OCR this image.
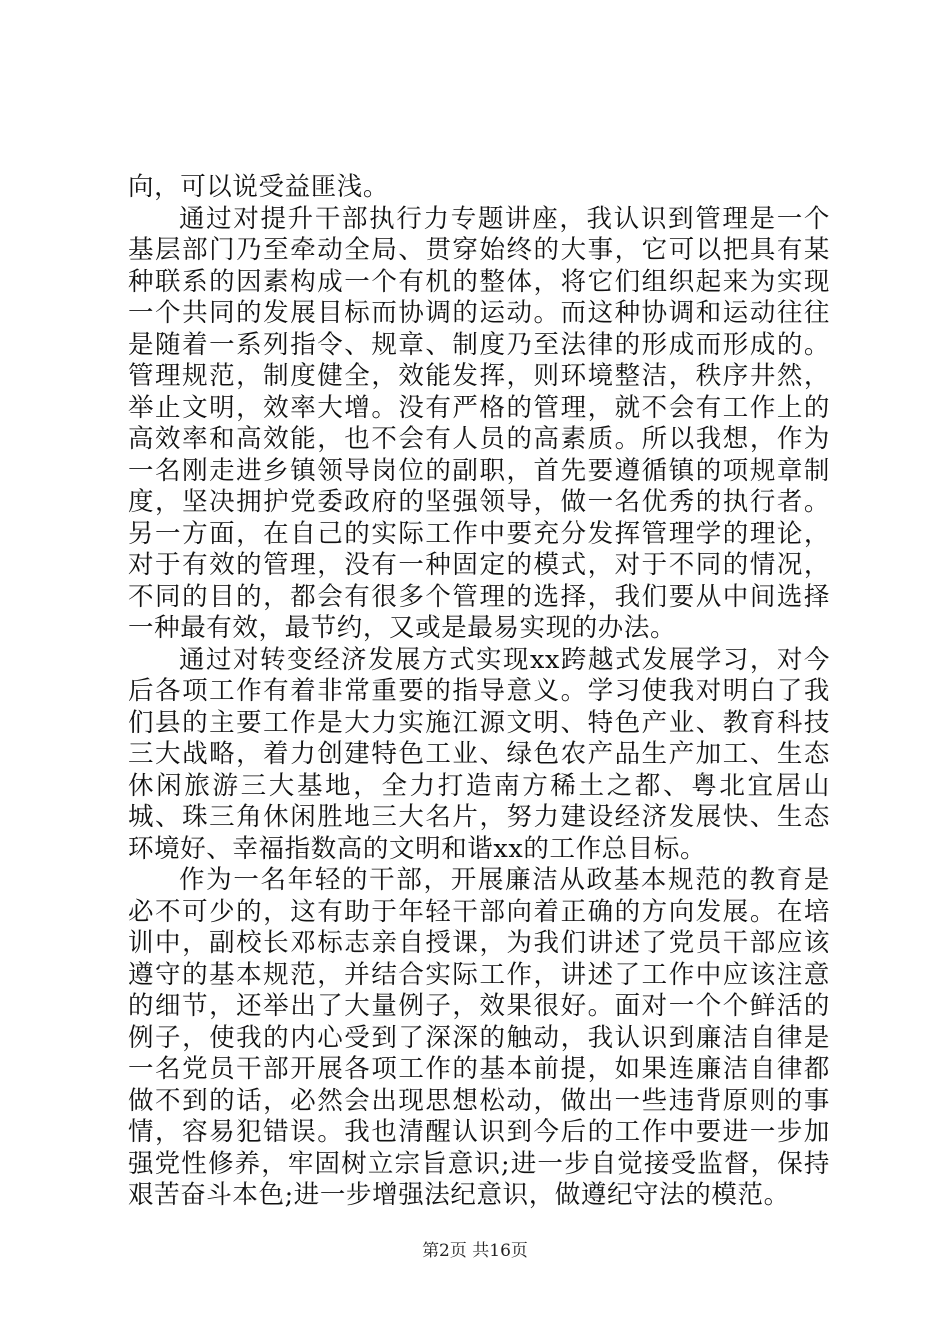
向，可以说受益匪浅。

通过对提升干部执行力专题讲座，我认识到管理是一个基层部门乃至牵动全局、贯穿始终的大事，它可以把具有某种联系的因素构成一个有机的整体，将它们组织起来为实现一个共同的发展目标而协调的运动。而这种协调和运动往往是随着一系列指令、规章、制度乃至法律的形成而形成的。管理规范，制度健全，效能发挥，则环境整洁，秩序井然，举止文明，效率大增。没有严格的管理，就不会有工作上的高效率和高效能，也不会有人员的高素质。所以我想，作为一名刚走进乡镇领导岗位的副职，首先要遵循镇的项规章制度，坚决拥护党委政府的坚强领导，做一名优秀的执行者。另一方面，在自己的实际工作中要充分发挥管理学的理论，对于有效的管理，没有一种固定的模式，对于不同的情况，不同的目的，都会有很多个管理的选择，我们要从中间选择一种最有效，最节约，又或是最易实现的办法。

通过对转变经济发展方式实现xx跨越式发展学习，对今后各项工作有着非常重要的指导意义。学习使我对明白了我们县的主要工作是大力实施江源文明、特色产业、教育科技三大战略，着力创建特色工业、绿色农产品生产加工、生态休闲旅游三大基地，全力打造南方稀土之都、粤北宜居山城、珠三角休闲胜地三大名片，努力建设经济发展快、生态环境好、幸福指数高的文明和谐xx的工作总目标。

作为一名年轻的干部，开展廉洁从政基本规范的教育是必不可少的，这有助于年轻干部向着正确的方向发展。在培训中，副校长邓标志亲自授课，为我们讲述了党员干部应该遵守的基本规范，并结合实际工作，讲述了工作中应该注意的细节，还举出了大量例子，效果很好。面对一个个鲜活的例子，使我的内心受到了深深的触动，我认识到廉洁自律是一名党员干部开展各项工作的基本前提，如果连廉洁自律都做不到的话，必然会出现思想松动，做出一些违背原则的事情，容易犯错误。我也清醒认识到今后的工作中要进一步加强党性修养，牢固树立宗旨意识;进一步自觉接受监督，保持艰苦奋斗本色;进一步增强法纪意识，做遵纪守法的模范。

第2页 共16页
